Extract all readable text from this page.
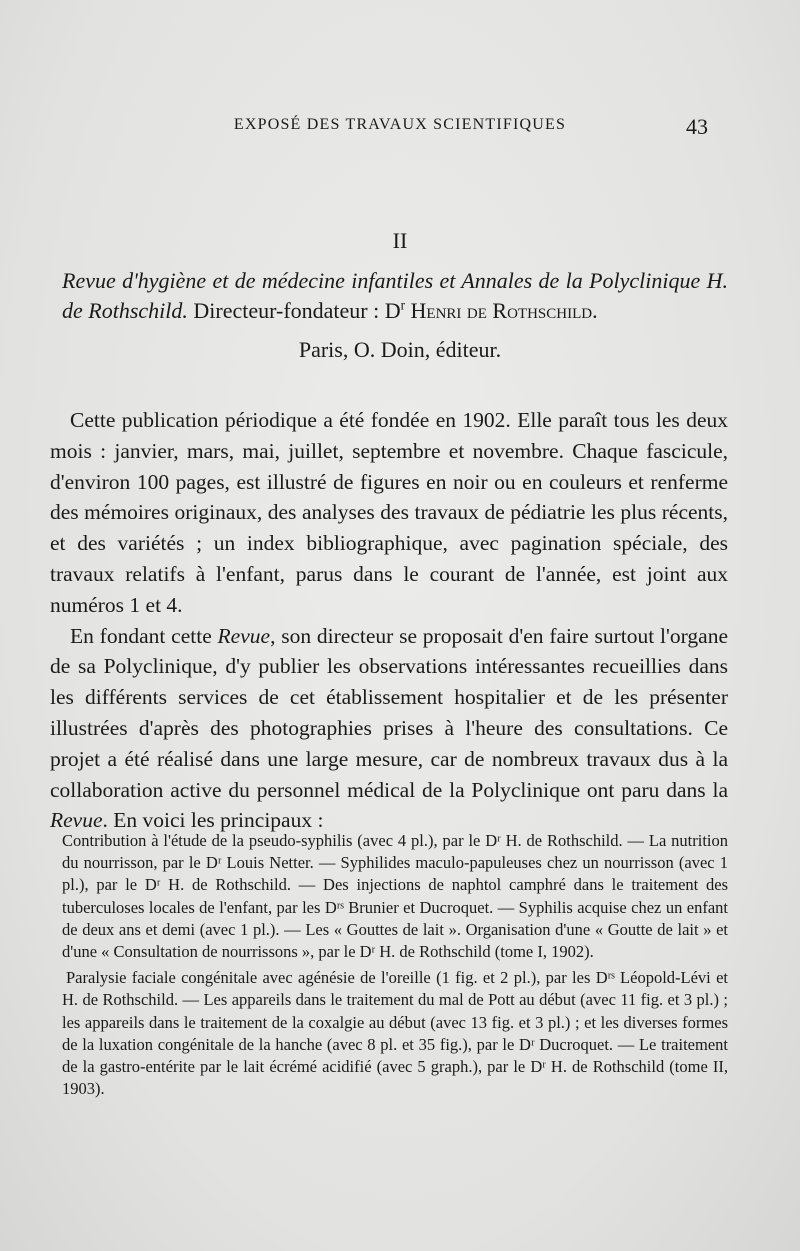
EXPOSÉ DES TRAVAUX SCIENTIFIQUES	43
II
Revue d'hygiène et de médecine infantiles et Annales de la Polyclinique H. de Rothschild. Directeur-fondateur : $D^r$ Henri de Rothschild.
Paris, O. Doin, éditeur.

Cette publication périodique a été fondée en 1902. Elle paraît tous les deux mois : janvier, mars, mai, juillet, septembre et novembre. Chaque fascicule, d'environ 100 pages, est illustré de figures en noir ou en couleurs et renferme des mémoires originaux, des analyses des travaux de pédiatrie les plus récents, et des variétés ; un index bibliographique, avec pagination spéciale, des travaux relatifs à l'enfant, parus dans le courant de l'année, est joint aux numéros 1 et 4.

En fondant cette Revue, son directeur se proposait d'en faire surtout l'organe de sa Polyclinique, d'y publier les observations intéressantes recueillies dans les différents services de cet établissement hospitalier et de les présenter illustrées d'après des photographies prises à l'heure des consultations. Ce projet a été réalisé dans une large mesure, car de nombreux travaux dus à la collaboration active du personnel médical de la Polyclinique ont paru dans la Revue. En voici les principaux :

Contribution à l'étude de la pseudo-syphilis (avec 4 pl.), par le Dʳ H. de Rothschild. — La nutrition du nourrisson, par le Dʳ Louis Netter. — Syphilides maculo-papuleuses chez un nourrisson (avec 1 pl.), par le Dʳ H. de Rothschild. — Des injections de naphtol camphré dans le traitement des tuberculoses locales de l'enfant, par les Dʳˢ Brunier et Ducroquet. — Syphilis acquise chez un enfant de deux ans et demi (avec 1 pl.). — Les « Gouttes de lait ». Organisation d'une « Goutte de lait » et d'une « Consultation de nourrissons », par le Dʳ H. de Rothschild (tome I, 1902).

Paralysie faciale congénitale avec agénésie de l'oreille (1 fig. et 2 pl.), par les Dʳˢ Léopold-Lévi et H. de Rothschild. — Les appareils dans le traitement du mal de Pott au début (avec 11 fig. et 3 pl.) ; les appareils dans le traitement de la coxalgie au début (avec 13 fig. et 3 pl.) ; et les diverses formes de la luxation congénitale de la hanche (avec 8 pl. et 35 fig.), par le Dʳ Ducroquet. — Le traitement de la gastro-entérite par le lait écrémé acidifié (avec 5 graph.), par le Dʳ H. de Rothschild (tome II, 1903).
